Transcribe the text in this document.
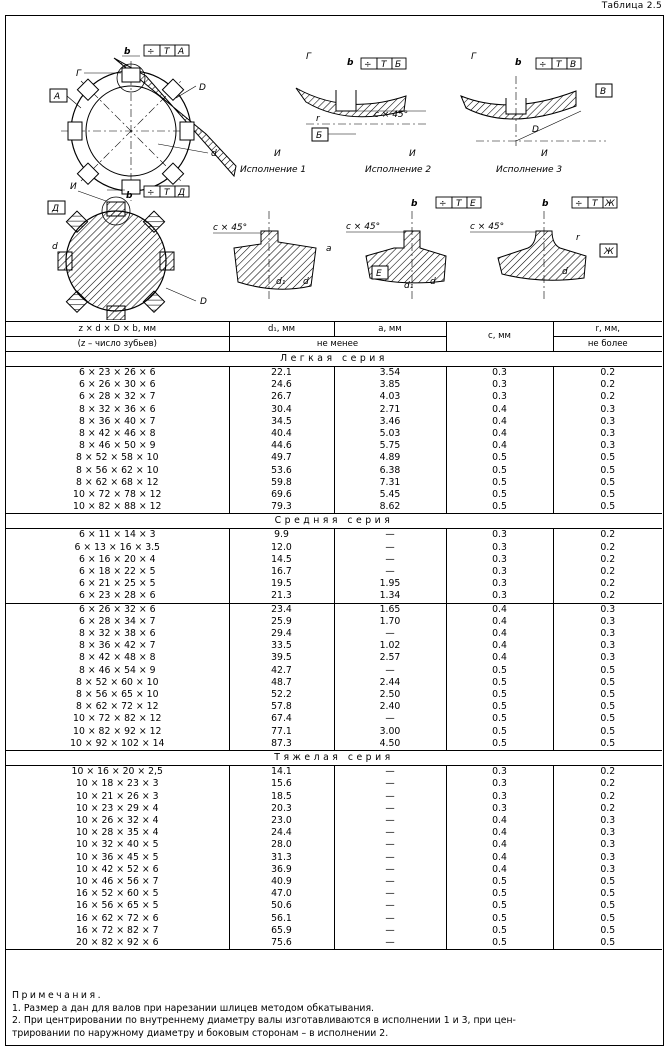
Таблица 2.5
b ÷ T А
Г
D
А
d
Г
b ÷ T Б
c × 45°
r
Б
Г
b ÷ T В
D
В
И
Исполнение 1
И
Исполнение 2
И
Исполнение 3
И
b ÷ T Д
Д
d
D
c × 45°
a
d₁ d
b ÷ T Е
c × 45°
Е
d₁ d
b	÷ T Ж
c × 45°
r
Ж
d
z × d × D × b, мм	d₁, мм	a, мм	c, мм	r, мм,
(z – число зубьев)	не менее			не более
Легкая серия				
6 × 23 × 26 × 6	22.1	3.54	0.3	0.2
6 × 26 × 30 × 6	24.6	3.85	0.3	0.2
6 × 28 × 32 × 7	26.7	4.03	0.3	0.2
8 × 32 × 36 × 6	30.4	2.71	0.4	0.3
8 × 36 × 40 × 7	34.5	3.46	0.4	0.3
8 × 42 × 46 × 8	40.4	5.03	0.4	0.3
8 × 46 × 50 × 9	44.6	5.75	0.4	0.3
8 × 52 × 58 × 10	49.7	4.89	0.5	0.5
8 × 56 × 62 × 10	53.6	6.38	0.5	0.5
8 × 62 × 68 × 12	59.8	7.31	0.5	0.5
10 × 72 × 78 × 12	69.6	5.45	0.5	0.5
10 × 82 × 88 × 12	79.3	8.62	0.5	0.5
Средняя серия				
6 × 11 × 14 × 3	9.9	—	0.3	0.2
6 × 13 × 16 × 3.5	12.0	—	0.3	0.2
6 × 16 × 20 × 4	14.5	—	0.3	0.2
6 × 18 × 22 × 5	16.7	—	0.3	0.2
6 × 21 × 25 × 5	19.5	1.95	0.3	0.2
6 × 23 × 28 × 6	21.3	1.34	0.3	0.2
6 × 26 × 32 × 6	23.4	1.65	0.4	0.3
6 × 28 × 34 × 7	25.9	1.70	0.4	0.3
8 × 32 × 38 × 6	29.4	—	0.4	0.3
8 × 36 × 42 × 7	33.5	1.02	0.4	0.3
8 × 42 × 48 × 8	39.5	2.57	0.4	0.3
8 × 46 × 54 × 9	42.7	—	0.5	0.5
8 × 52 × 60 × 10	48.7	2.44	0.5	0.5
8 × 56 × 65 × 10	52.2	2.50	0.5	0.5
8 × 62 × 72 × 12	57.8	2.40	0.5	0.5
10 × 72 × 82 × 12	67.4	—	0.5	0.5
10 × 82 × 92 × 12	77.1	3.00	0.5	0.5
10 × 92 × 102 × 14	87.3	4.50	0.5	0.5
Тяжелая серия				
10 × 16 × 20 × 2,5	14.1	—	0.3	0.2
10 × 18 × 23 × 3	15.6	—	0.3	0.2
10 × 21 × 26 × 3	18.5	—	0.3	0.2
10 × 23 × 29 × 4	20.3	—	0.3	0.2
10 × 26 × 32 × 4	23.0	—	0.4	0.3
10 × 28 × 35 × 4	24.4	—	0.4	0.3
10 × 32 × 40 × 5	28.0	—	0.4	0.3
10 × 36 × 45 × 5	31.3	—	0.4	0.3
10 × 42 × 52 × 6	36.9	—	0.4	0.3
10 × 46 × 56 × 7	40.9	—	0.5	0.5
16 × 52 × 60 × 5	47.0	—	0.5	0.5
16 × 56 × 65 × 5	50.6	—	0.5	0.5
16 × 62 × 72 × 6	56.1	—	0.5	0.5
16 × 72 × 82 × 7	65.9	—	0.5	0.5
20 × 82 × 92 × 6	75.6	—	0.5	0.5
Примечания.
1. Размер a дан для валов при нарезании шлицев методом обкатывания.
2. При центрировании по внутреннему диаметру валы изготавливаются в исполнении 1 и 3, при цен-
трировании по наружному диаметру и боковым сторонам – в исполнении 2.
